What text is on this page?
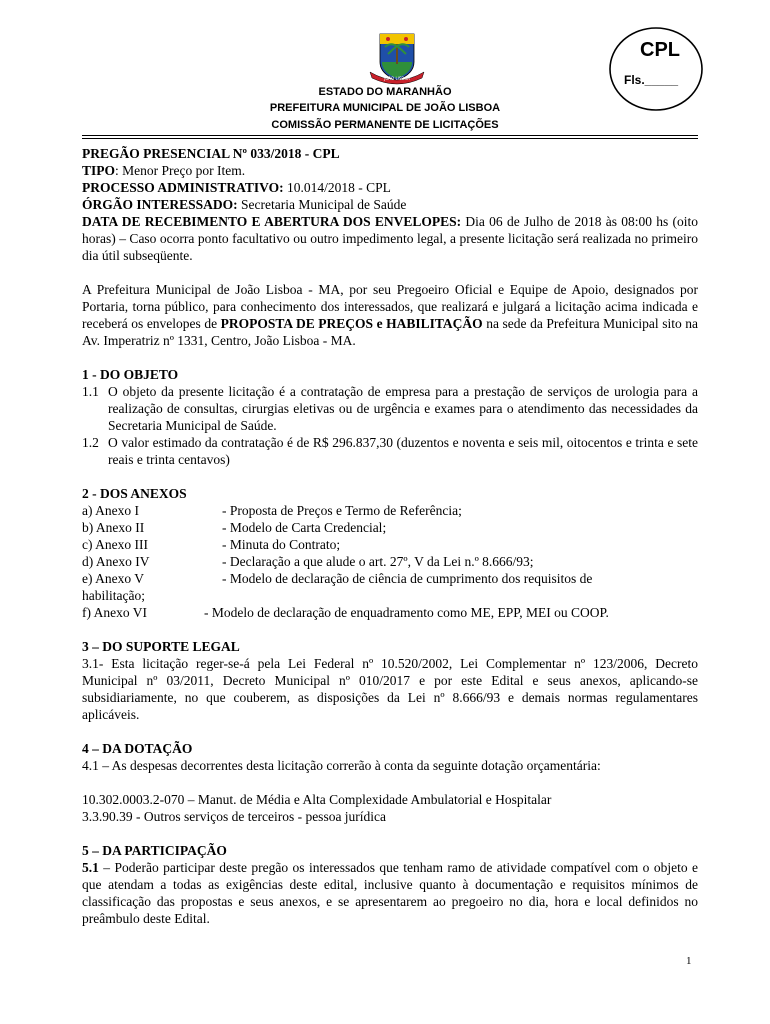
JOÃO LISBOA
CPL
Fls._____
ESTADO DO MARANHÃO
PREFEITURA MUNICIPAL DE JOÃO LISBOA
COMISSÃO PERMANENTE DE LICITAÇÕES

PREGÃO PRESENCIAL Nº 033/2018 - CPL

TIPO: Menor Preço por Item.

PROCESSO ADMINISTRATIVO: 10.014/2018 - CPL

ÓRGÃO INTERESSADO: Secretaria Municipal de Saúde

DATA DE RECEBIMENTO E ABERTURA DOS ENVELOPES: Dia 06 de Julho de 2018 às 08:00 hs (oito horas) – Caso ocorra ponto facultativo ou outro impedimento legal, a presente licitação será realizada no primeiro dia útil subseqüente.

A Prefeitura Municipal de João Lisboa - MA, por seu Pregoeiro Oficial e Equipe de Apoio, designados por Portaria, torna público, para conhecimento dos interessados, que realizará e julgará a licitação acima indicada e receberá os envelopes de PROPOSTA DE PREÇOS e HABILITAÇÃO na sede da Prefeitura Municipal sito na Av. Imperatriz nº 1331, Centro, João Lisboa - MA.

1 - DO OBJETO

1.1 O objeto da presente licitação é a contratação de empresa para a prestação de serviços de urologia para a realização de consultas, cirurgias eletivas ou de urgência e exames para o atendimento das necessidades da Secretaria Municipal de Saúde.
1.2 O valor estimado da contratação é de R$ 296.837,30 (duzentos e noventa e seis mil, oitocentos e trinta e sete reais e trinta centavos)

2 - DOS ANEXOS

a) Anexo I	- Proposta de Preços e Termo de Referência;
b) Anexo II	- Modelo de Carta Credencial;
c) Anexo III	- Minuta do Contrato;
d) Anexo IV	- Declaração a que alude o art. 27º, V da Lei n.º 8.666/93;
e) Anexo V	- Modelo de declaração de ciência de cumprimento dos requisitos de

habilitação;

f) Anexo VI	- Modelo de declaração de enquadramento como ME, EPP, MEI ou COOP.

3 – DO SUPORTE LEGAL

3.1- Esta licitação reger-se-á pela Lei Federal nº 10.520/2002, Lei Complementar nº 123/2006, Decreto Municipal nº 03/2011, Decreto Municipal nº 010/2017 e por este Edital e seus anexos, aplicando-se subsidiariamente, no que couberem, as disposições da Lei nº 8.666/93 e demais normas regulamentares aplicáveis.

4 – DA DOTAÇÃO

4.1 – As despesas decorrentes desta licitação correrão à conta da seguinte dotação orçamentária:

10.302.0003.2-070 – Manut. de Média e Alta Complexidade Ambulatorial e Hospitalar

3.3.90.39 - Outros serviços de terceiros - pessoa jurídica

5 – DA PARTICIPAÇÃO

5.1 – Poderão participar deste pregão os interessados que tenham ramo de atividade compatível com o objeto e que atendam a todas as exigências deste edital, inclusive quanto à documentação e requisitos mínimos de classificação das propostas e seus anexos, e se apresentarem ao pregoeiro no dia, hora e local definidos no preâmbulo deste Edital.

1
